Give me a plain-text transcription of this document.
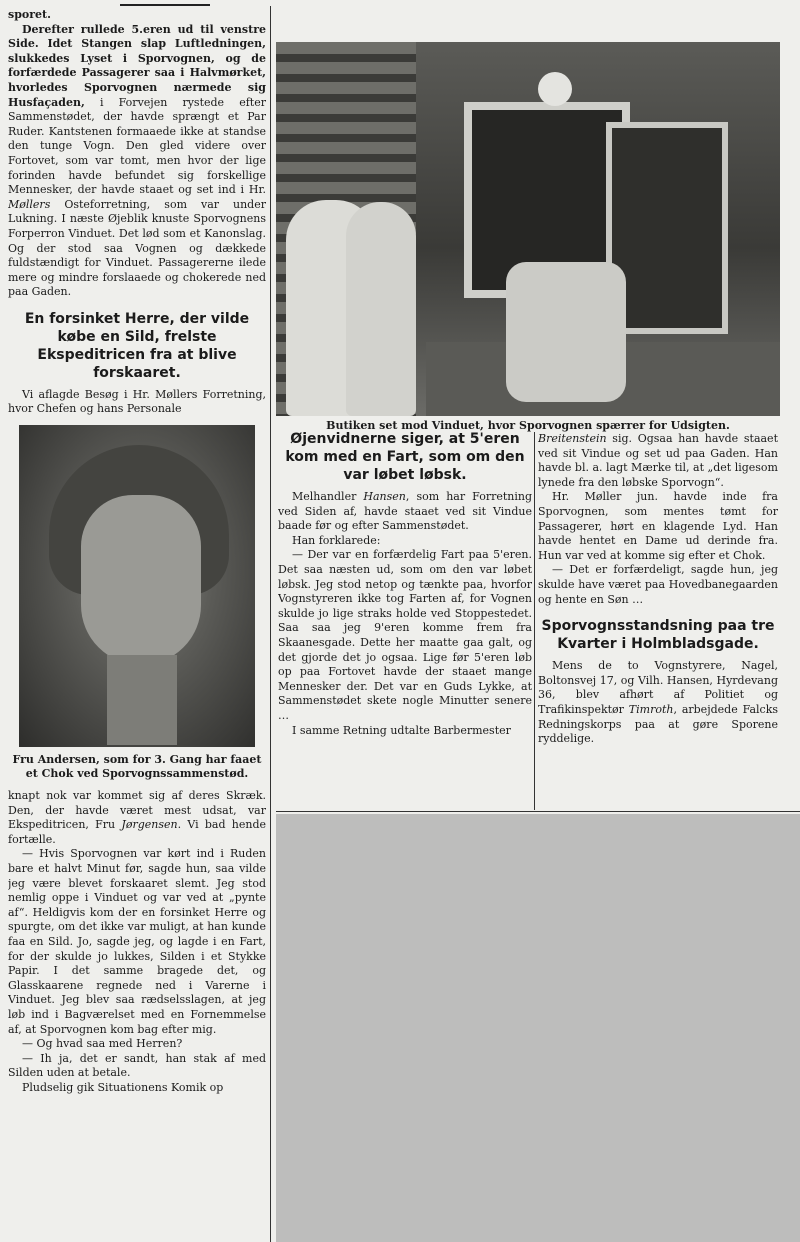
sporet.

Derefter rullede 5.eren ud til venstre Side. Idet Stangen slap Luftledningen, slukkedes Lyset i Sporvognen, og de forfærdede Passagerer saa i Halvmørket, hvorledes Sporvognen nærmede sig Husfaçaden, i Forvejen rystede efter Sammenstødet, der havde sprængt et Par Ruder. Kantstenen formaaede ikke at standse den tunge Vogn. Den gled videre over Fortovet, som var tomt, men hvor der lige forinden havde befundet sig forskellige Mennesker, der havde staaet og set ind i Hr. Møllers Osteforretning, som var under Lukning. I næste Øjeblik knuste Sporvognens Forperron Vinduet. Det lød som et Kanonslag. Og der stod saa Vognen og dækkede fuldstændigt for Vinduet. Passagererne ilede mere og mindre forslaaede og chokerede ned paa Gaden.

En forsinket Herre, der vilde købe en Sild, frelste Ekspeditricen fra at blive forskaaret.

Vi aflagde Besøg i Hr. Møllers Forretning, hvor Chefen og hans Personale

Fru Andersen, som for 3. Gang har faaet et Chok ved Sporvognssammenstød.

knapt nok var kommet sig af deres Skræk. Den, der havde været mest udsat, var Ekspeditricen, Fru Jørgensen. Vi bad hende fortælle.

— Hvis Sporvognen var kørt ind i Ruden bare et halvt Minut før, sagde hun, saa vilde jeg være blevet forskaaret slemt. Jeg stod nemlig oppe i Vinduet og var ved at „pynte af“. Heldigvis kom der en forsinket Herre og spurgte, om det ikke var muligt, at han kunde faa en Sild. Jo, sagde jeg, og lagde i en Fart, for der skulde jo lukkes, Silden i et Stykke Papir. I det samme bragede det, og Glasskaarene regnede ned i Varerne i Vinduet. Jeg blev saa rædselsslagen, at jeg løb ind i Bagværelset med en Fornemmelse af, at Sporvognen kom bag efter mig.

— Og hvad saa med Herren?

— Ih ja, det er sandt, han stak af med Silden uden at betale.

Pludselig gik Situationens Komik op

Butiken set mod Vinduet, hvor Sporvognen spærrer for Udsigten.
Øjenvidnerne siger, at 5'eren kom med en Fart, som om den var løbet løbsk.

Melhandler Hansen, som har Forretning ved Siden af, havde staaet ved sit Vindue baade før og efter Sammenstødet.

Han forklarede:

— Der var en forfærdelig Fart paa 5'eren. Det saa næsten ud, som om den var løbet løbsk. Jeg stod netop og tænkte paa, hvorfor Vognstyreren ikke tog Farten af, for Vognen skulde jo lige straks holde ved Stoppestedet. Saa saa jeg 9'eren komme frem fra Skaanesgade. Dette her maatte gaa galt, og det gjorde det jo ogsaa. Lige før 5'eren løb op paa Fortovet havde der staaet mange Mennesker der. Det var en Guds Lykke, at Sammenstødet skete nogle Minutter senere …

I samme Retning udtalte Barbermester

Breitenstein sig. Ogsaa han havde staaet ved sit Vindue og set ud paa Gaden. Han havde bl. a. lagt Mærke til, at „det ligesom lynede fra den løbske Sporvogn“.

Hr. Møller jun. havde inde fra Sporvognen, som mentes tømt for Passagerer, hørt en klagende Lyd. Han havde hentet en Dame ud derinde fra. Hun var ved at komme sig efter et Chok.

— Det er forfærdeligt, sagde hun, jeg skulde have været paa Hovedbanegaarden og hente en Søn …

Sporvognsstandsning paa tre Kvarter i Holmbladsgade.

Mens de to Vognstyrere, Nagel, Boltonsvej 17, og Vilh. Hansen, Hyrdevang 36, blev afhørt af Politiet og Trafikinspektør Timroth, arbejdede Falcks Redningskorps paa at gøre Sporene ryddelige.
